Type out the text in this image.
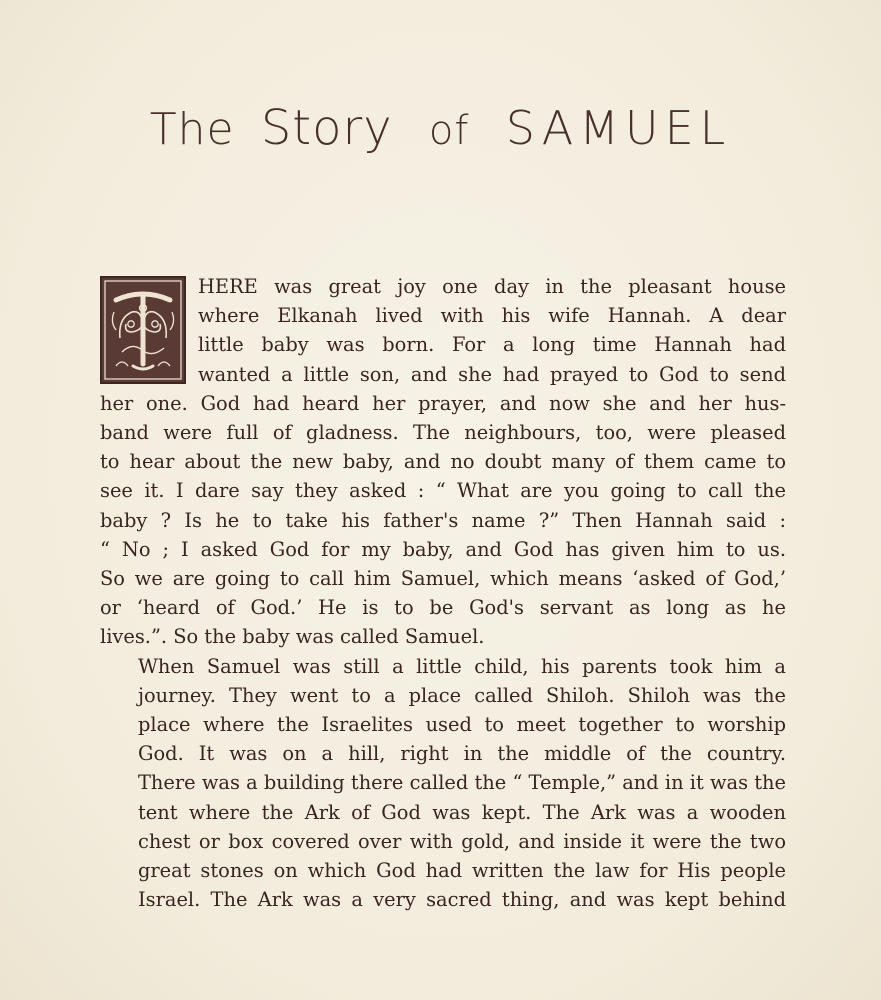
The Story of SAMUEL

HERE was great joy one day in the pleasant house
where Elkanah lived with his wife Hannah. A dear
little baby was born. For a long time Hannah had
wanted a little son, and she had prayed to God to send
her one. God had heard her prayer, and now she and her hus-
band were full of gladness. The neighbours, too, were pleased
to hear about the new baby, and no doubt many of them came to
see it. I dare say they asked : “ What are you going to call the
baby ? Is he to take his father's name ?” Then Hannah said :
“ No ; I asked God for my baby, and God has given him to us.
So we are going to call him Samuel, which means ‘asked of God,’
or ‘heard of God.’ He is to be God's servant as long as he
lives.”. So the baby was called Samuel.

When Samuel was still a little child, his parents took him a
journey. They went to a place called Shiloh. Shiloh was the
place where the Israelites used to meet together to worship
God. It was on a hill, right in the middle of the country.
There was a building there called the “ Temple,” and in it was the
tent where the Ark of God was kept. The Ark was a wooden
chest or box covered over with gold, and inside it were the two
great stones on which God had written the law for His people
Israel. The Ark was a very sacred thing, and was kept behind
